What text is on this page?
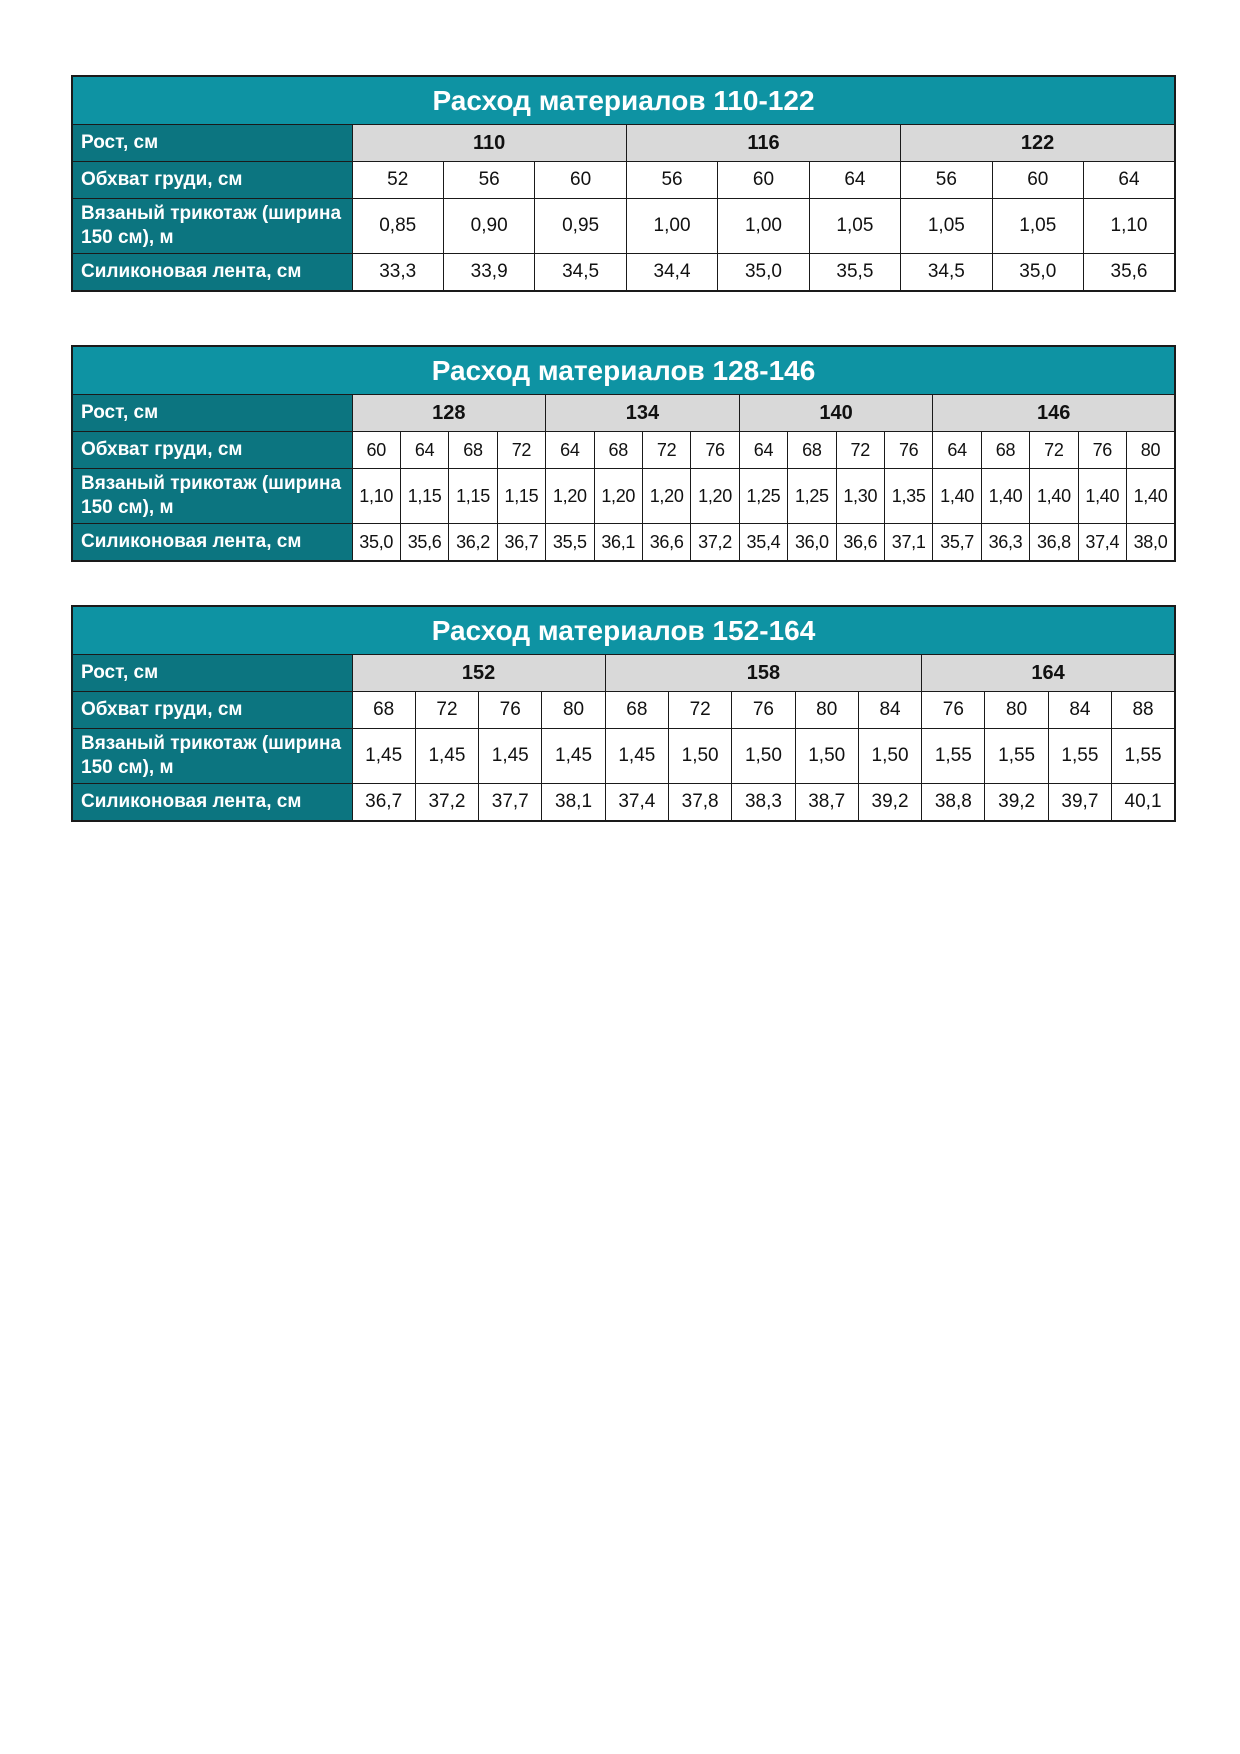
Расход материалов 110-122									
Рост, см	110			116			122		
Обхват груди, см	52	56	60	56	60	64	56	60	64
Вязаный трикотаж (ширина 150 см), м	0,85	0,90	0,95	1,00	1,00	1,05	1,05	1,05	1,10
Силиконовая лента, см	33,3	33,9	34,5	34,4	35,0	35,5	34,5	35,0	35,6
Расход материалов 128-146																	
Рост, см	128				134				140				146				
Обхват груди, см	60	64	68	72	64	68	72	76	64	68	72	76	64	68	72	76	80
Вязаный трикотаж (ширина 150 см), м	1,10	1,15	1,15	1,15	1,20	1,20	1,20	1,20	1,25	1,25	1,30	1,35	1,40	1,40	1,40	1,40	1,40
Силиконовая лента, см	35,0	35,6	36,2	36,7	35,5	36,1	36,6	37,2	35,4	36,0	36,6	37,1	35,7	36,3	36,8	37,4	38,0
Расход материалов 152-164													
Рост, см	152				158					164			
Обхват груди, см	68	72	76	80	68	72	76	80	84	76	80	84	88
Вязаный трикотаж (ширина 150 см), м	1,45	1,45	1,45	1,45	1,45	1,50	1,50	1,50	1,50	1,55	1,55	1,55	1,55
Силиконовая лента, см	36,7	37,2	37,7	38,1	37,4	37,8	38,3	38,7	39,2	38,8	39,2	39,7	40,1
